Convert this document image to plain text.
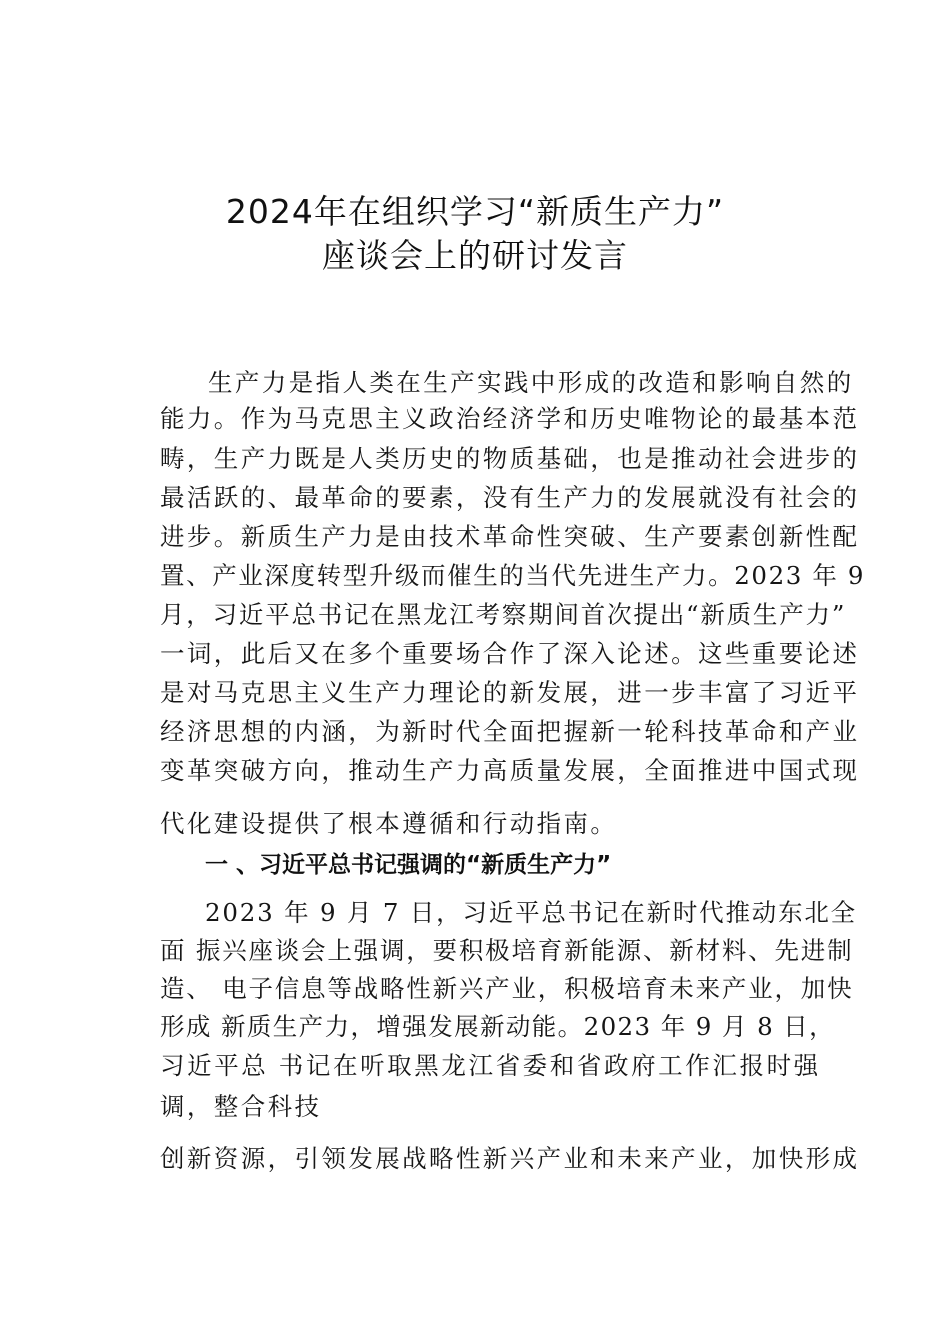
2024年在组织学习“新质生产力”
座谈会上的研讨发言
生产力是指人类在生产实践中形成的改造和影响自然的
能力。作为马克思主义政治经济学和历史唯物论的最基本范
畴，生产力既是人类历史的物质基础，也是推动社会进步的
最活跃的、最革命的要素，没有生产力的发展就没有社会的
进步。新质生产力是由技术革命性突破、生产要素创新性配
置、产业深度转型升级而催生的当代先进生产力。2023 年 9
月，习近平总书记在黑龙江考察期间首次提出“新质生产力”
一词，此后又在多个重要场合作了深入论述。这些重要论述
是对马克思主义生产力理论的新发展，进一步丰富了习近平
经济思想的内涵，为新时代全面把握新一轮科技革命和产业
变革突破方向，推动生产力高质量发展，全面推进中国式现
代化建设提供了根本遵循和行动指南。
一 、习近平总书记强调的“新质生产力”
2023 年 9 月 7 日，习近平总书记在新时代推动东北全
面 振兴座谈会上强调，要积极培育新能源、新材料、先进制
造、 电子信息等战略性新兴产业，积极培育未来产业，加快
形成 新质生产力，增强发展新动能。2023 年 9 月 8 日，
习近平总 书记在听取黑龙江省委和省政府工作汇报时强
调，整合科技
创新资源，引领发展战略性新兴产业和未来产业，加快形成
